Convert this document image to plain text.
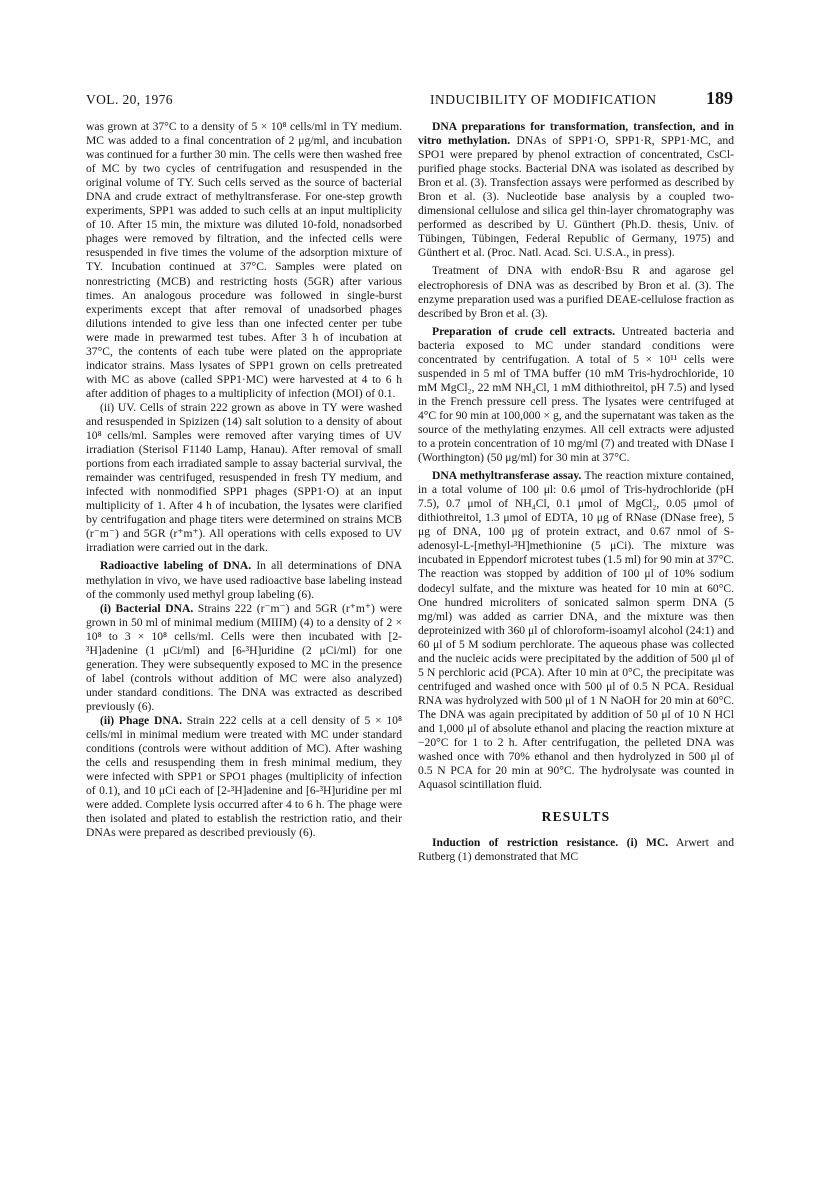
VOL. 20, 1976	INDUCIBILITY OF MODIFICATION	189

was grown at 37°C to a density of 5 × 10⁸ cells/ml in TY medium. MC was added to a final concentration of 2 μg/ml, and incubation was continued for a further 30 min. The cells were then washed free of MC by two cycles of centrifugation and resuspended in the original volume of TY. Such cells served as the source of bacterial DNA and crude extract of methyltransferase. For one-step growth experiments, SPP1 was added to such cells at an input multiplicity of 10. After 15 min, the mixture was diluted 10-fold, nonadsorbed phages were removed by filtration, and the infected cells were resuspended in five times the volume of the adsorption mixture of TY. Incubation continued at 37°C. Samples were plated on nonrestricting (MCB) and restricting hosts (5GR) after various times. An analogous procedure was followed in single-burst experiments except that after removal of unadsorbed phages dilutions intended to give less than one infected center per tube were made in prewarmed test tubes. After 3 h of incubation at 37°C, the contents of each tube were plated on the appropriate indicator strains. Mass lysates of SPP1 grown on cells pretreated with MC as above (called SPP1·MC) were harvested at 4 to 6 h after addition of phages to a multiplicity of infection (MOI) of 0.1.

(ii) UV. Cells of strain 222 grown as above in TY were washed and resuspended in Spizizen (14) salt solution to a density of about 10⁸ cells/ml. Samples were removed after varying times of UV irradiation (Sterisol F1140 Lamp, Hanau). After removal of small portions from each irradiated sample to assay bacterial survival, the remainder was centrifuged, resuspended in fresh TY medium, and infected with nonmodified SPP1 phages (SPP1·O) at an input multiplicity of 1. After 4 h of incubation, the lysates were clarified by centrifugation and phage titers were determined on strains MCB (r⁻m⁻) and 5GR (r⁺m⁺). All operations with cells exposed to UV irradiation were carried out in the dark.

Radioactive labeling of DNA. In all determinations of DNA methylation in vivo, we have used radioactive base labeling instead of the commonly used methyl group labeling (6).

(i) Bacterial DNA. Strains 222 (r⁻m⁻) and 5GR (r⁺m⁺) were grown in 50 ml of minimal medium (MIIIM) (4) to a density of 2 × 10⁸ to 3 × 10⁸ cells/ml. Cells were then incubated with [2-³H]adenine (1 μCi/ml) and [6-³H]uridine (2 μCi/ml) for one generation. They were subsequently exposed to MC in the presence of label (controls without addition of MC were also analyzed) under standard conditions. The DNA was extracted as described previously (6).

(ii) Phage DNA. Strain 222 cells at a cell density of 5 × 10⁸ cells/ml in minimal medium were treated with MC under standard conditions (controls were without addition of MC). After washing the cells and resuspending them in fresh minimal medium, they were infected with SPP1 or SPO1 phages (multiplicity of infection of 0.1), and 10 μCi each of [2-³H]adenine and [6-³H]uridine per ml were added. Complete lysis occurred after 4 to 6 h. The phage were then isolated and plated to establish the restriction ratio, and their DNAs were prepared as described previously (6).

DNA preparations for transformation, transfection, and in vitro methylation. DNAs of SPP1·O, SPP1·R, SPP1·MC, and SPO1 were prepared by phenol extraction of concentrated, CsCl-purified phage stocks. Bacterial DNA was isolated as described by Bron et al. (3). Transfection assays were performed as described by Bron et al. (3). Nucleotide base analysis by a coupled two-dimensional cellulose and silica gel thin-layer chromatography was performed as described by U. Günthert (Ph.D. thesis, Univ. of Tübingen, Tübingen, Federal Republic of Germany, 1975) and Günthert et al. (Proc. Natl. Acad. Sci. U.S.A., in press).

Treatment of DNA with endoR·Bsu R and agarose gel electrophoresis of DNA was as described by Bron et al. (3). The enzyme preparation used was a purified DEAE-cellulose fraction as described by Bron et al. (3).

Preparation of crude cell extracts. Untreated bacteria and bacteria exposed to MC under standard conditions were concentrated by centrifugation. A total of 5 × 10¹¹ cells were suspended in 5 ml of TMA buffer (10 mM Tris-hydrochloride, 10 mM MgCl₂, 22 mM NH₄Cl, 1 mM dithiothreitol, pH 7.5) and lysed in the French pressure cell press. The lysates were centrifuged at 4°C for 90 min at 100,000 × g, and the supernatant was taken as the source of the methylating enzymes. All cell extracts were adjusted to a protein concentration of 10 mg/ml (7) and treated with DNase I (Worthington) (50 μg/ml) for 30 min at 37°C.

DNA methyltransferase assay. The reaction mixture contained, in a total volume of 100 μl: 0.6 μmol of Tris-hydrochloride (pH 7.5), 0.7 μmol of NH₄Cl, 0.1 μmol of MgCl₂, 0.05 μmol of dithiothreitol, 1.3 μmol of EDTA, 10 μg of RNase (DNase free), 5 μg of DNA, 100 μg of protein extract, and 0.67 nmol of S-adenosyl-L-[methyl-³H]methionine (5 μCi). The mixture was incubated in Eppendorf microtest tubes (1.5 ml) for 90 min at 37°C. The reaction was stopped by addition of 100 μl of 10% sodium dodecyl sulfate, and the mixture was heated for 10 min at 60°C. One hundred microliters of sonicated salmon sperm DNA (5 mg/ml) was added as carrier DNA, and the mixture was then deproteinized with 360 μl of chloroform-isoamyl alcohol (24:1) and 60 μl of 5 M sodium perchlorate. The aqueous phase was collected and the nucleic acids were precipitated by the addition of 500 μl of 5 N perchloric acid (PCA). After 10 min at 0°C, the precipitate was centrifuged and washed once with 500 μl of 0.5 N PCA. Residual RNA was hydrolyzed with 500 μl of 1 N NaOH for 20 min at 60°C. The DNA was again precipitated by addition of 50 μl of 10 N HCl and 1,000 μl of absolute ethanol and placing the reaction mixture at −20°C for 1 to 2 h. After centrifugation, the pelleted DNA was washed once with 70% ethanol and then hydrolyzed in 500 μl of 0.5 N PCA for 20 min at 90°C. The hydrolysate was counted in Aquasol scintillation fluid.

RESULTS

Induction of restriction resistance. (i) MC. Arwert and Rutberg (1) demonstrated that MC
